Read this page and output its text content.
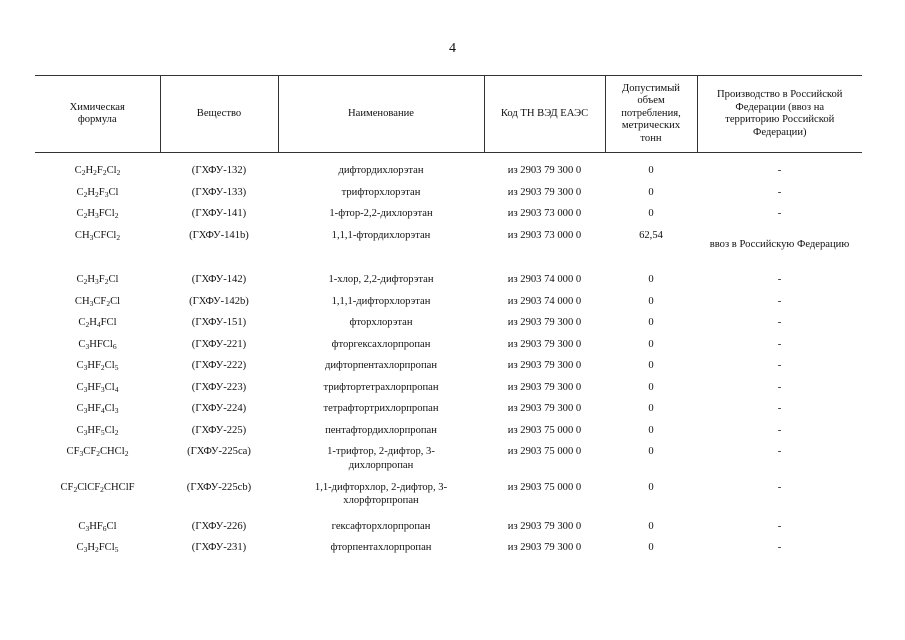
4
Химическая формула	Вещество	Наименование	Код ТН ВЭД ЕАЭС	Допустимый объем потребления, метрических тонн	Производство в Российской Федерации (ввоз на территорию Российской Федерации)

$C_2H_2F_2Cl_2$	(ГХФУ-132)	дифтордихлорэтан	из 2903 79 300 0	0	-
$C_2H_2F_3Cl$	(ГХФУ-133)	трифторхлорэтан	из 2903 79 300 0	0	-
$C_2H_3FCl_2$	(ГХФУ-141)	1-фтор-2,2-дихлорэтан	из 2903 73 000 0	0	-
$CH_3CFCl_2$	(ГХФУ-141b)	1,1,1-фтордихлорэтан	из 2903 73 000 0	62,54	ввоз в Российскую Федерацию
$C_2H_3F_2Cl$	(ГХФУ-142)	1-хлор, 2,2-дифторэтан	из 2903 74 000 0	0	-
$CH_3CF_2Cl$	(ГХФУ-142b)	1,1,1-дифторхлорэтан	из 2903 74 000 0	0	-
$C_2H_4FCl$	(ГХФУ-151)	фторхлорэтан	из 2903 79 300 0	0	-
$C_3HFCl_6$	(ГХФУ-221)	фторгексахлорпропан	из 2903 79 300 0	0	-
$C_3HF_2Cl_5$	(ГХФУ-222)	дифторпентахлорпропан	из 2903 79 300 0	0	-
$C_3HF_3Cl_4$	(ГХФУ-223)	трифтортетрахлорпропан	из 2903 79 300 0	0	-
$C_3HF_4Cl_3$	(ГХФУ-224)	тетрафтортрихлорпропан	из 2903 79 300 0	0	-
$C_3HF_5Cl_2$	(ГХФУ-225)	пентафтордихлорпропан	из 2903 75 000 0	0	-
$CF_3CF_2CHCl_2$	(ГХФУ-225ca)	1-трифтор, 2-дифтор, 3-дихлорпропан	из 2903 75 000 0	0	-
$CF_2ClCF_2CHClF$	(ГХФУ-225cb)	1,1-дифторхлор, 2-дифтор, 3-хлорфторпропан	из 2903 75 000 0	0	-
$C_3HF_6Cl$	(ГХФУ-226)	гексафторхлорпропан	из 2903 79 300 0	0	-
$C_3H_2FCl_5$	(ГХФУ-231)	фторпентахлорпропан	из 2903 79 300 0	0	-
